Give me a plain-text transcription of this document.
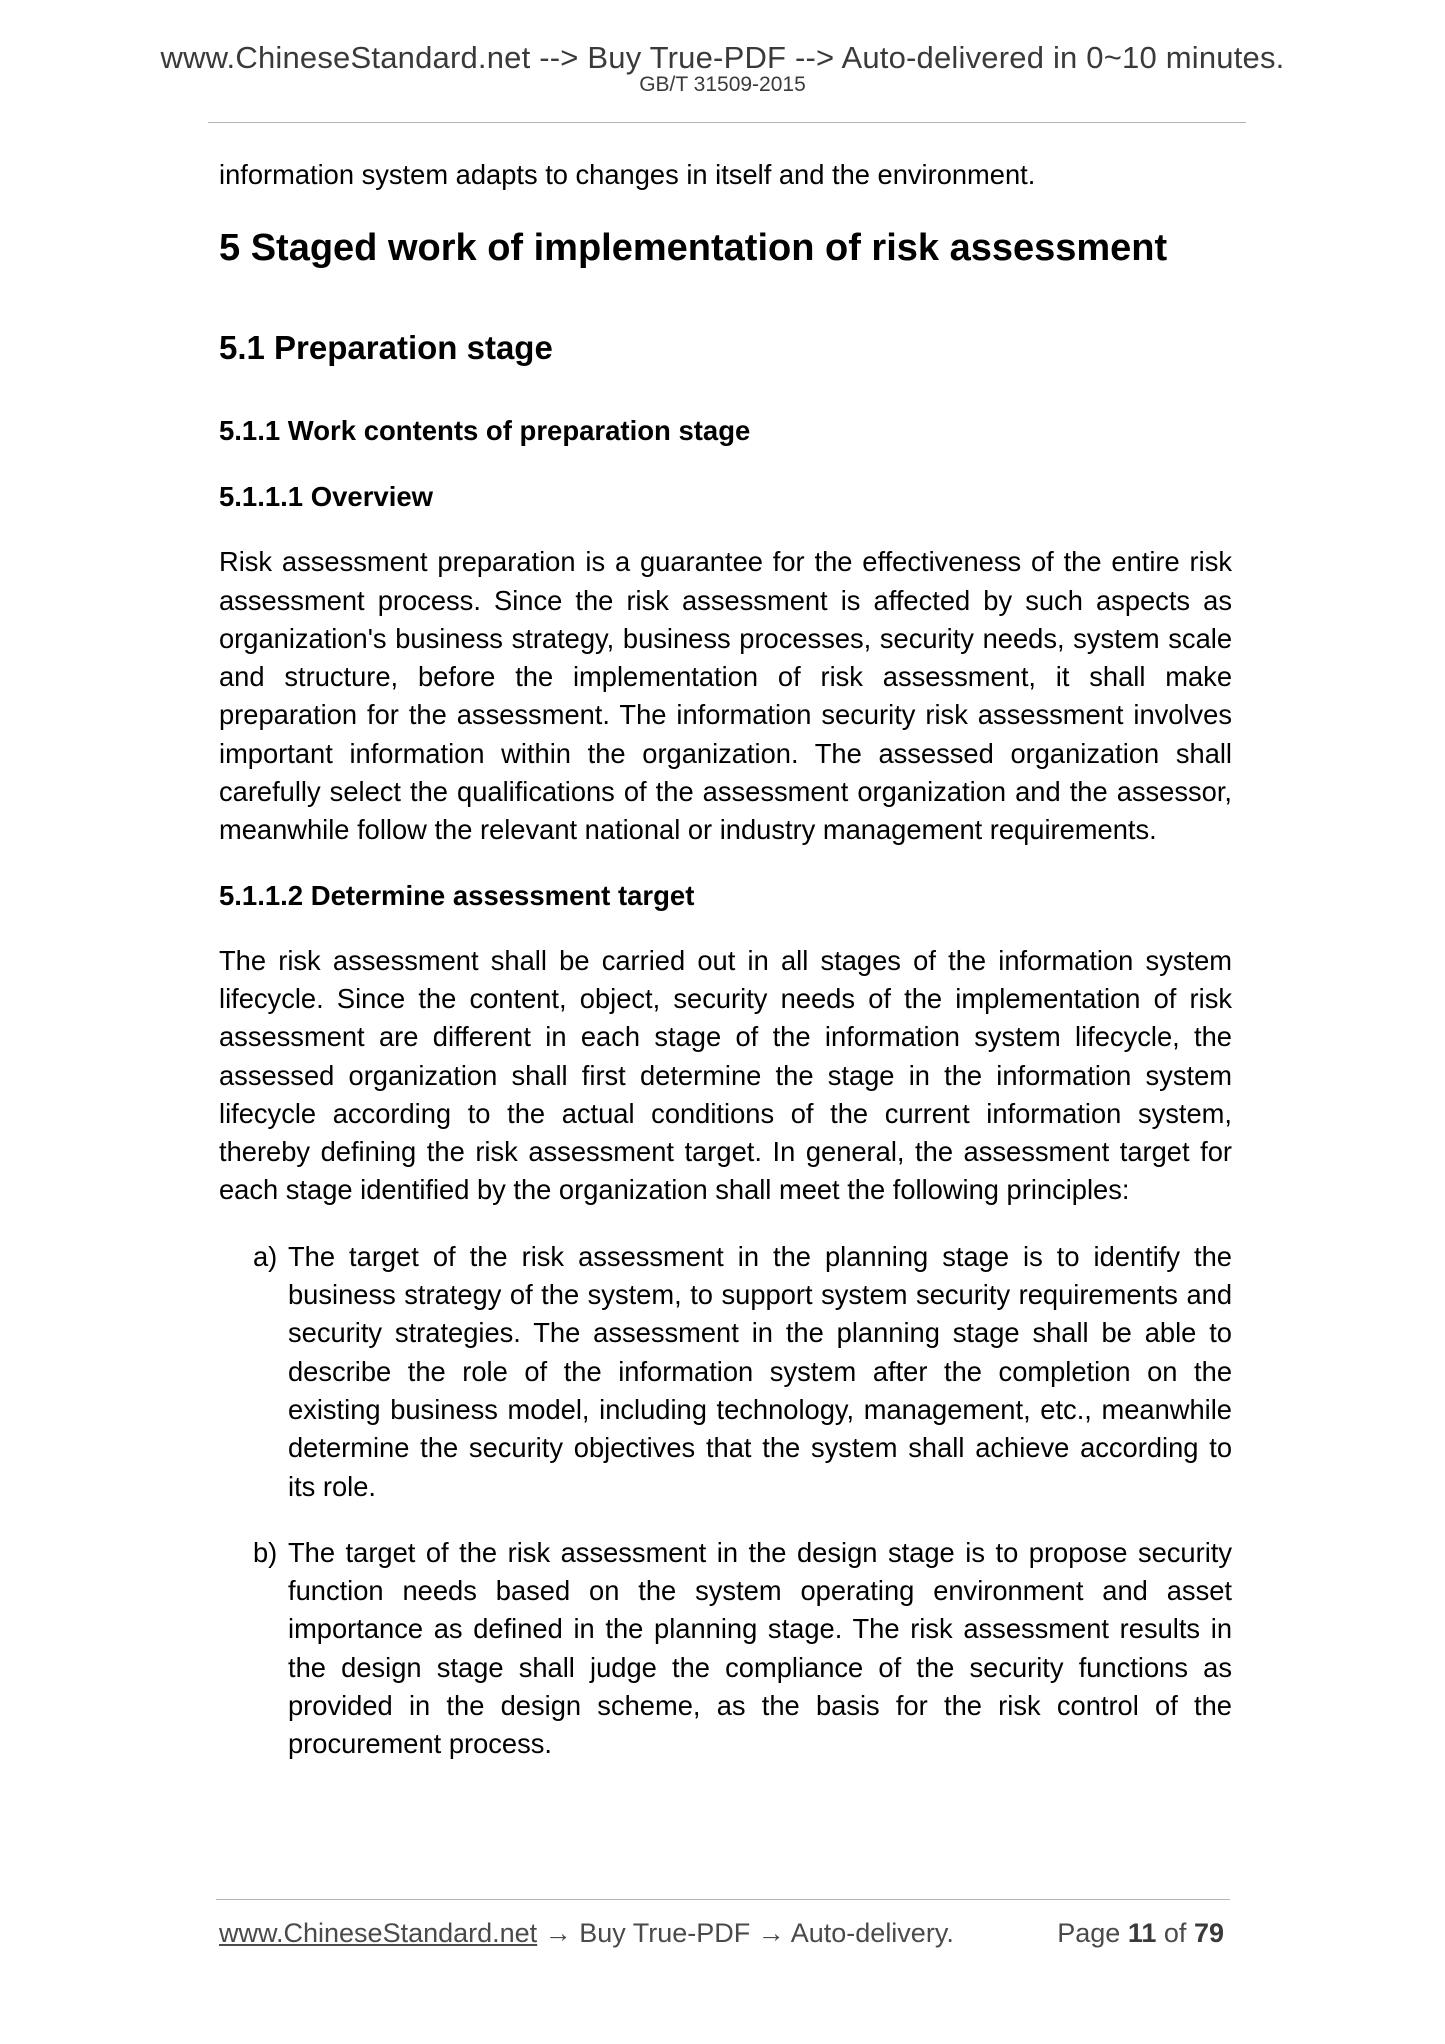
www.ChineseStandard.net --> Buy True-PDF --> Auto-delivered in 0~10 minutes.
GB/T 31509-2015

information system adapts to changes in itself and the environment.

5 Staged work of implementation of risk assessment
5.1 Preparation stage
5.1.1 Work contents of preparation stage
5.1.1.1 Overview

Risk assessment preparation is a guarantee for the effectiveness of the entire risk assessment process. Since the risk assessment is affected by such aspects as organization's business strategy, business processes, security needs, system scale and structure, before the implementation of risk assessment, it shall make preparation for the assessment. The information security risk assessment involves important information within the organization. The assessed organization shall carefully select the qualifications of the assessment organization and the assessor, meanwhile follow the relevant national or industry management requirements.

5.1.1.2 Determine assessment target

The risk assessment shall be carried out in all stages of the information system lifecycle. Since the content, object, security needs of the implementation of risk assessment are different in each stage of the information system lifecycle, the assessed organization shall first determine the stage in the information system lifecycle according to the actual conditions of the current information system, thereby defining the risk assessment target. In general, the assessment target for each stage identified by the organization shall meet the following principles:

a) The target of the risk assessment in the planning stage is to identify the business strategy of the system, to support system security requirements and security strategies. The assessment in the planning stage shall be able to describe the role of the information system after the completion on the existing business model, including technology, management, etc., meanwhile determine the security objectives that the system shall achieve according to its role.
b) The target of the risk assessment in the design stage is to propose security function needs based on the system operating environment and asset importance as defined in the planning stage. The risk assessment results in the design stage shall judge the compliance of the security functions as provided in the design scheme, as the basis for the risk control of the procurement process.
www.ChineseStandard.net → Buy True-PDF → Auto-delivery.	Page 11 of 79
